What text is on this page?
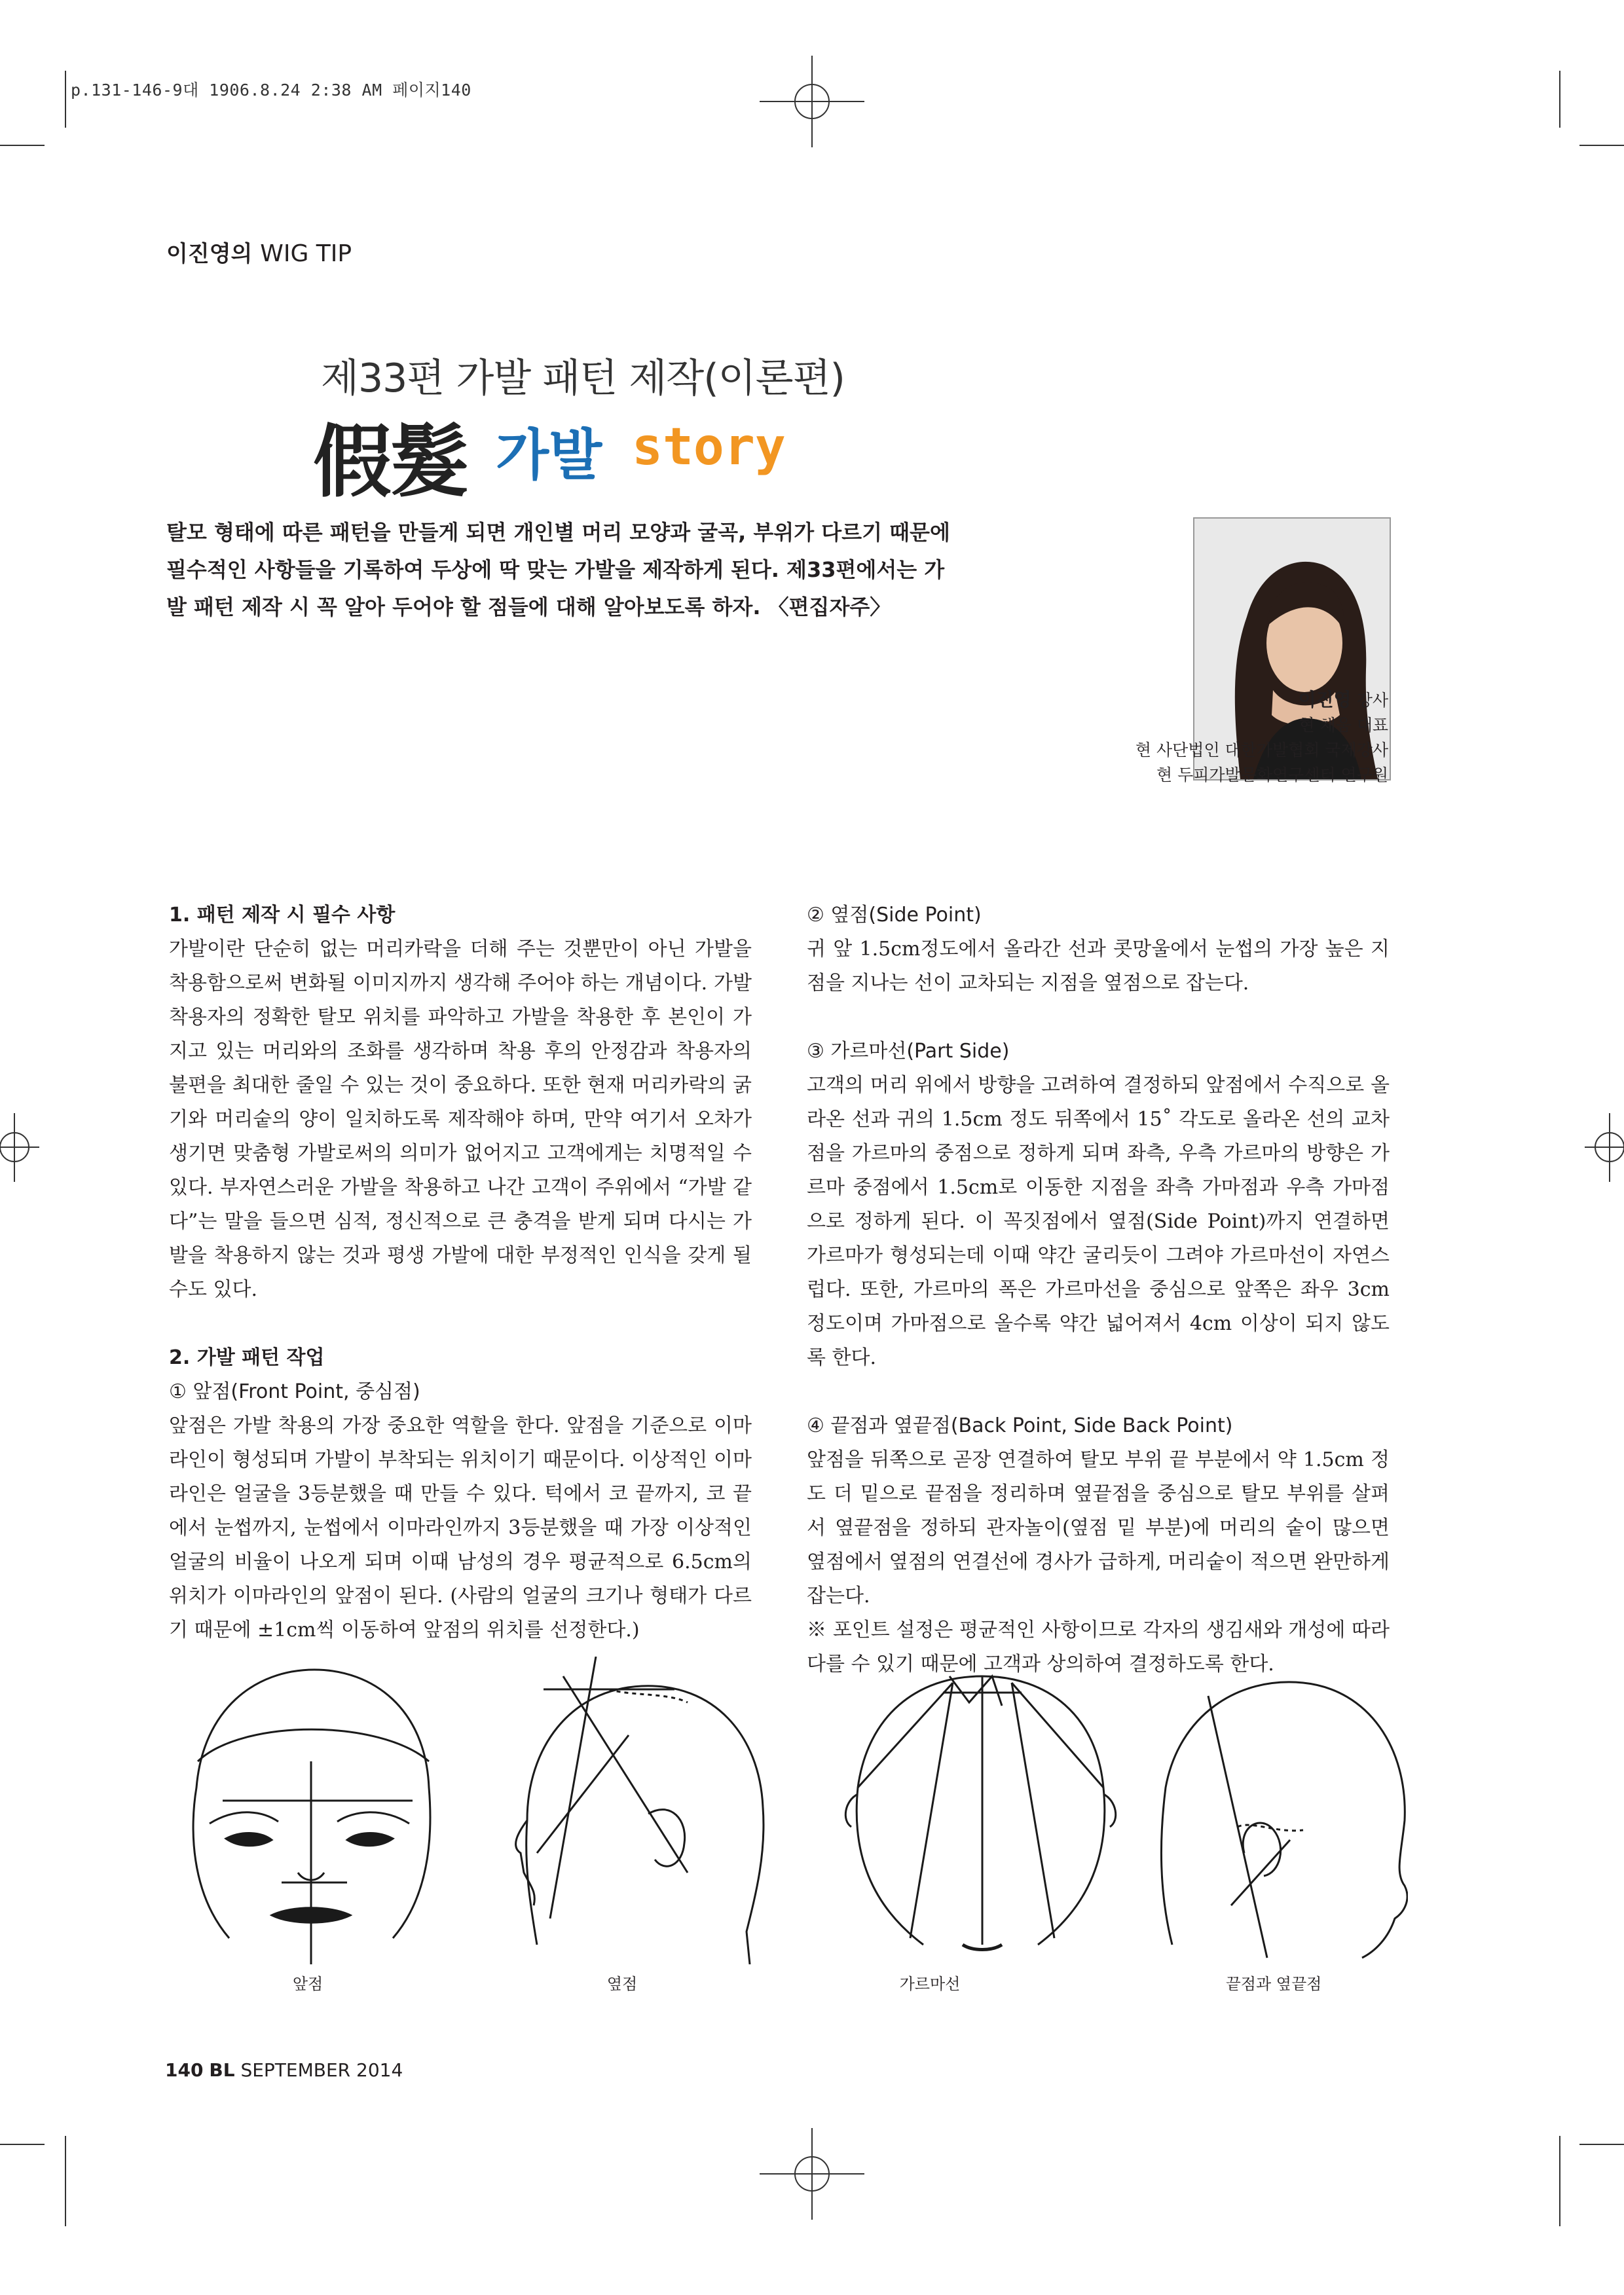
p.131-146-9대 1906.8.24 2:38 AM 페이지140
이진영의 WIG TIP
제33편 가발 패턴 제작(이론편)
假髮 가발 story
탈모 형태에 따른 패턴을 만들게 되면 개인별 머리 모양과 굴곡, 부위가 다르기 때문에 필수적인 사항들을 기록하여 두상에 딱 맞는 가발을 제작하게 된다. 제33편에서는 가발 패턴 제작 시 꼭 알아 두어야 할 점들에 대해 알아보도록 하자. 〈편집자주〉
이진영 강사
현 채움 대표
현 사단법인 대한가발협회 국제강사
현 두피가발문화연구센터 연구원
1. 패턴 제작 시 필수 사항

가발이란 단순히 없는 머리카락을 더해 주는 것뿐만이 아닌 가발을 착용함으로써 변화될 이미지까지 생각해 주어야 하는 개념이다. 가발 착용자의 정확한 탈모 위치를 파악하고 가발을 착용한 후 본인이 가지고 있는 머리와의 조화를 생각하며 착용 후의 안정감과 착용자의 불편을 최대한 줄일 수 있는 것이 중요하다. 또한 현재 머리카락의 굵기와 머리숱의 양이 일치하도록 제작해야 하며, 만약 여기서 오차가 생기면 맞춤형 가발로써의 의미가 없어지고 고객에게는 치명적일 수 있다. 부자연스러운 가발을 착용하고 나간 고객이 주위에서 “가발 같다”는 말을 들으면 심적, 정신적으로 큰 충격을 받게 되며 다시는 가발을 착용하지 않는 것과 평생 가발에 대한 부정적인 인식을 갖게 될 수도 있다.

2. 가발 패턴 작업
① 앞점(Front Point, 중심점)

앞점은 가발 착용의 가장 중요한 역할을 한다. 앞점을 기준으로 이마라인이 형성되며 가발이 부착되는 위치이기 때문이다. 이상적인 이마라인은 얼굴을 3등분했을 때 만들 수 있다. 턱에서 코 끝까지, 코 끝에서 눈썹까지, 눈썹에서 이마라인까지 3등분했을 때 가장 이상적인 얼굴의 비율이 나오게 되며 이때 남성의 경우 평균적으로 6.5cm의 위치가 이마라인의 앞점이 된다. (사람의 얼굴의 크기나 형태가 다르기 때문에 ±1cm씩 이동하여 앞점의 위치를 선정한다.)

② 옆점(Side Point)

귀 앞 1.5cm정도에서 올라간 선과 콧망울에서 눈썹의 가장 높은 지점을 지나는 선이 교차되는 지점을 옆점으로 잡는다.

③ 가르마선(Part Side)

고객의 머리 위에서 방향을 고려하여 결정하되 앞점에서 수직으로 올라온 선과 귀의 1.5cm 정도 뒤쪽에서 15˚ 각도로 올라온 선의 교차점을 가르마의 중점으로 정하게 되며 좌측, 우측 가르마의 방향은 가르마 중점에서 1.5cm로 이동한 지점을 좌측 가마점과 우측 가마점으로 정하게 된다. 이 꼭짓점에서 옆점(Side Point)까지 연결하면 가르마가 형성되는데 이때 약간 굴리듯이 그려야 가르마선이 자연스럽다. 또한, 가르마의 폭은 가르마선을 중심으로 앞쪽은 좌우 3cm 정도이며 가마점으로 올수록 약간 넓어져서 4cm 이상이 되지 않도록 한다.

④ 끝점과 옆끝점(Back Point, Side Back Point)

앞점을 뒤쪽으로 곧장 연결하여 탈모 부위 끝 부분에서 약 1.5cm 정도 더 밑으로 끝점을 정리하며 옆끝점을 중심으로 탈모 부위를 살펴서 옆끝점을 정하되 관자놀이(옆점 밑 부분)에 머리의 숱이 많으면 옆점에서 옆점의 연결선에 경사가 급하게, 머리숱이 적으면 완만하게 잡는다.

※ 포인트 설정은 평균적인 사항이므로 각자의 생김새와 개성에 따라 다를 수 있기 때문에 고객과 상의하여 결정하도록 한다.

앞점	옆점	가르마선	끝점과 옆끝점
140 BL SEPTEMBER 2014
